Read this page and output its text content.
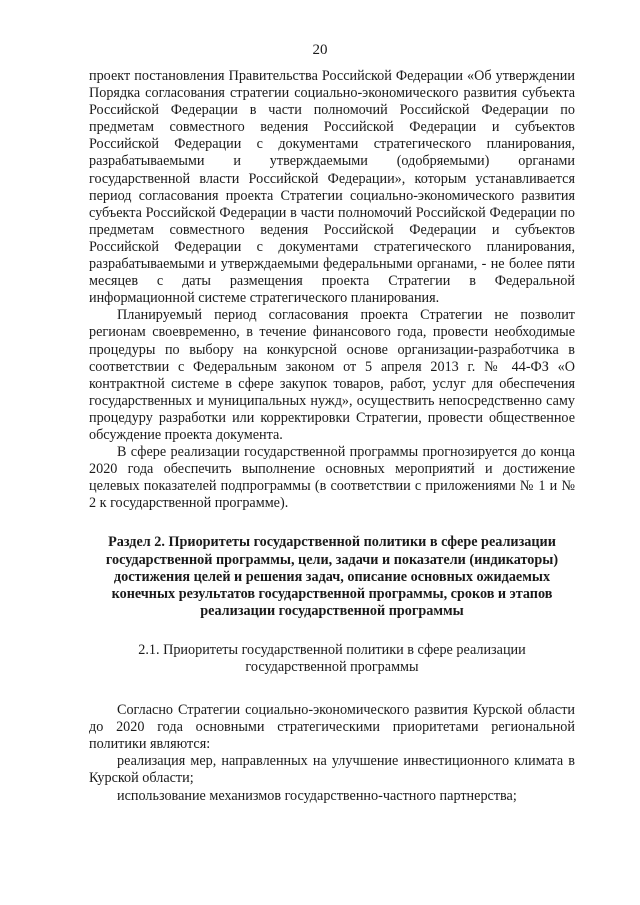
20

проект постановления Правительства Российской Федерации «Об утверждении Порядка согласования стратегии социально-экономического развития субъекта Российской Федерации в части полномочий Российской Федерации по предметам совместного ведения Российской Федерации и субъектов Российской Федерации с документами стратегического планирования, разрабатываемыми и утверждаемыми (одобряемыми) органами государственной власти Российской Федерации», которым устанавливается период согласования проекта Стратегии социально-экономического развития субъекта Российской Федерации в части полномочий Российской Федерации по предметам совместного ведения Российской Федерации и субъектов Российской Федерации с документами стратегического планирования, разрабатываемыми и утверждаемыми федеральными органами, - не более пяти месяцев с даты размещения проекта Стратегии в Федеральной информационной системе стратегического планирования.

Планируемый период согласования проекта Стратегии не позволит регионам своевременно, в течение финансового года, провести необходимые процедуры по выбору на конкурсной основе организации-разработчика в соответствии с Федеральным законом от 5 апреля 2013 г. № 44-ФЗ «О контрактной системе в сфере закупок товаров, работ, услуг для обеспечения государственных и муниципальных нужд», осуществить непосредственно саму процедуру разработки или корректировки Стратегии, провести общественное обсуждение проекта документа.

В сфере реализации государственной программы прогнозируется до конца 2020 года обеспечить выполнение основных мероприятий и достижение целевых показателей подпрограммы (в соответствии с приложениями № 1 и № 2 к государственной программе).

Раздел 2. Приоритеты государственной политики в сфере реализации государственной программы, цели, задачи и показатели (индикаторы) достижения целей и решения задач, описание основных ожидаемых конечных результатов государственной программы, сроков и этапов реализации государственной программы

2.1. Приоритеты государственной политики в сфере реализации государственной программы

Согласно Стратегии социально-экономического развития Курской области до 2020 года основными стратегическими приоритетами региональной политики являются:

реализация мер, направленных на улучшение инвестиционного климата в Курской области;

использование механизмов государственно-частного партнерства;
